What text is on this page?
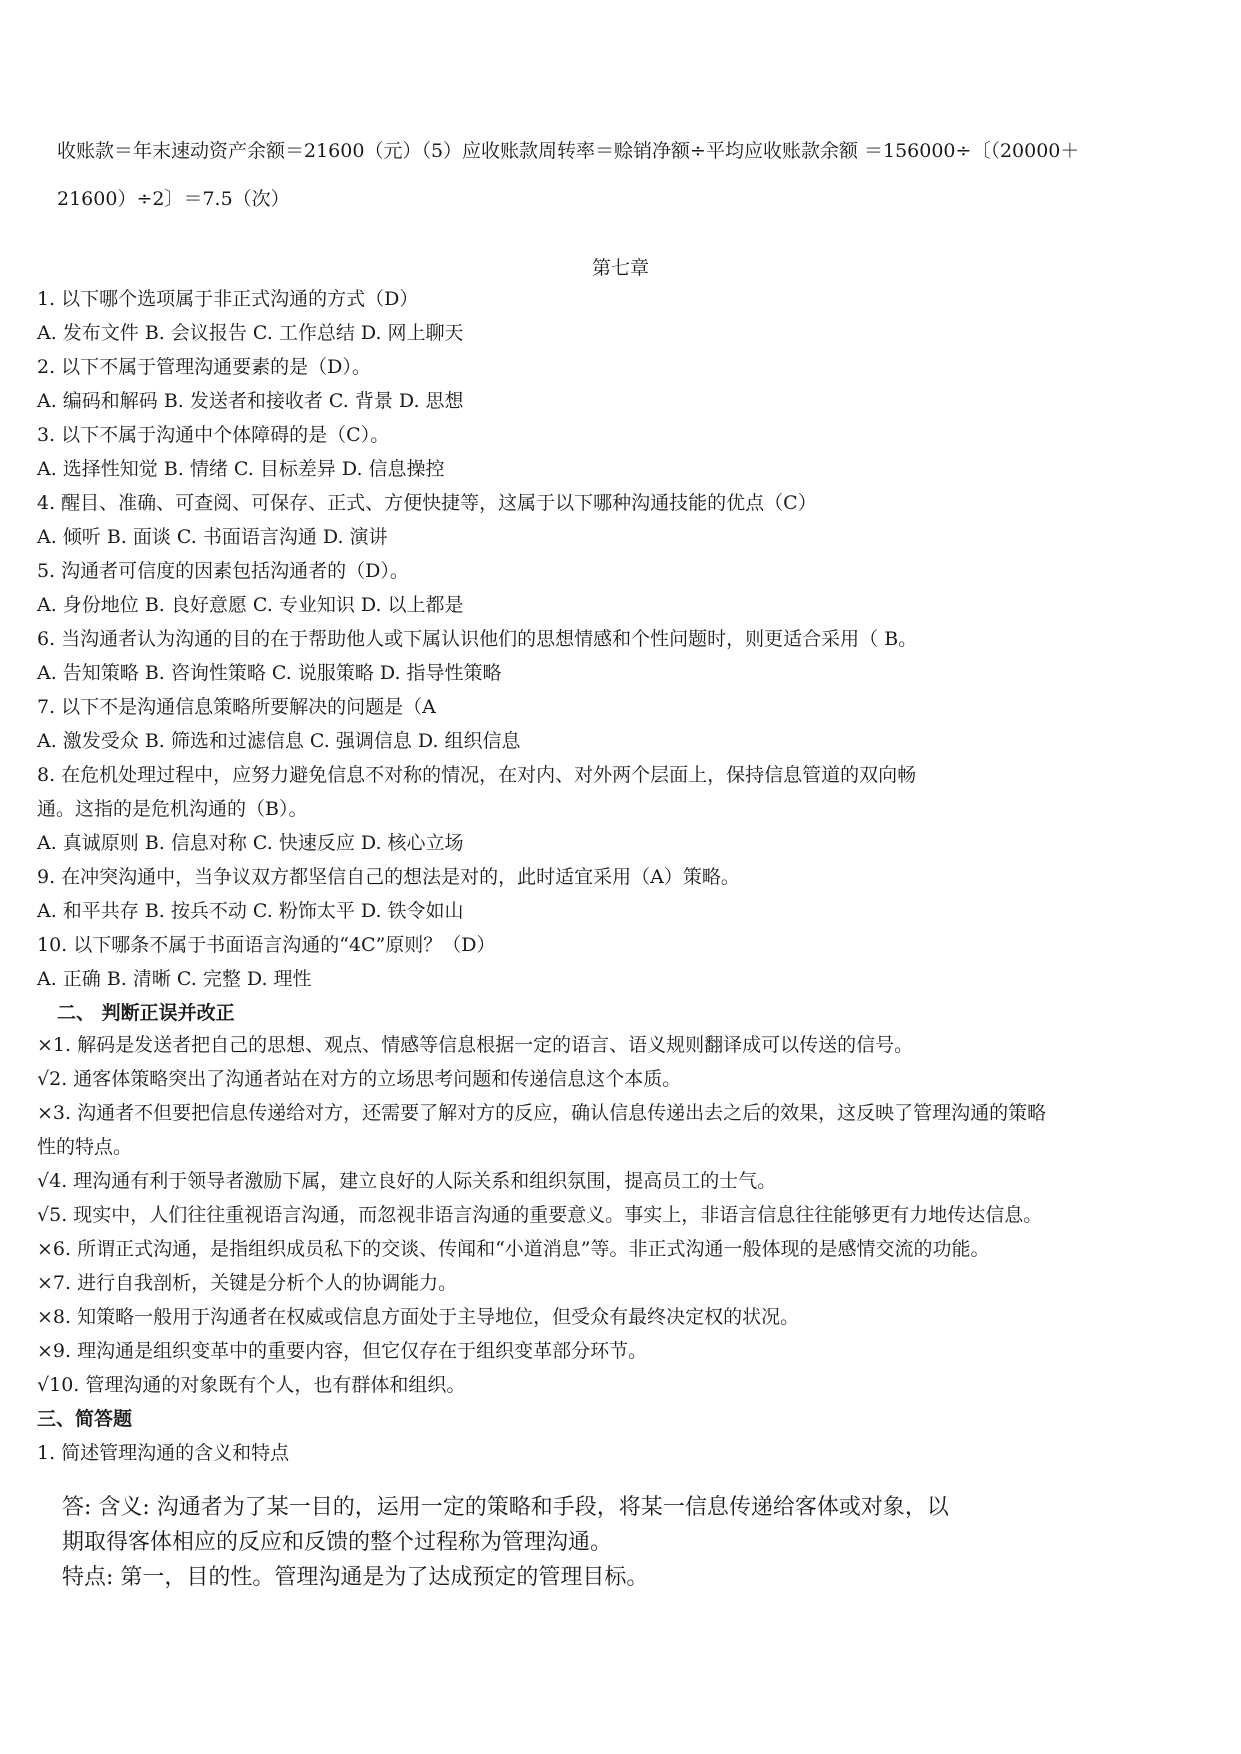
收账款＝年末速动资产余额＝21600（元）（5）应收账款周转率＝赊销净额÷平均应收账款余额 ＝156000÷〔（20000＋
21600）÷2〕＝7.5（次）
第七章
1. 以下哪个选项属于非正式沟通的方式（D）
A. 发布文件 B. 会议报告 C. 工作总结 D. 网上聊天
2. 以下不属于管理沟通要素的是（D）。
A. 编码和解码 B. 发送者和接收者 C. 背景 D. 思想
3. 以下不属于沟通中个体障碍的是（C）。
A. 选择性知觉 B. 情绪 C. 目标差异 D. 信息操控
4. 醒目、准确、可查阅、可保存、正式、方便快捷等，这属于以下哪种沟通技能的优点（C）
A. 倾听 B. 面谈 C. 书面语言沟通 D. 演讲
5. 沟通者可信度的因素包括沟通者的（D）。
A. 身份地位 B. 良好意愿 C. 专业知识 D. 以上都是
6. 当沟通者认为沟通的目的在于帮助他人或下属认识他们的思想情感和个性问题时，则更适合采用（ B。
A. 告知策略 B. 咨询性策略 C. 说服策略 D. 指导性策略
7. 以下不是沟通信息策略所要解决的问题是（A
A. 激发受众 B. 筛选和过滤信息 C. 强调信息 D. 组织信息
8. 在危机处理过程中，应努力避免信息不对称的情况，在对内、对外两个层面上，保持信息管道的双向畅
通。这指的是危机沟通的（B）。
A. 真诚原则 B. 信息对称 C. 快速反应 D. 核心立场
9. 在冲突沟通中，当争议双方都坚信自己的想法是对的，此时适宜采用（A）策略。
A. 和平共存 B. 按兵不动 C. 粉饰太平 D. 铁令如山
10. 以下哪条不属于书面语言沟通的“4C”原则？（D）
A. 正确 B. 清晰 C. 完整 D. 理性
二、 判断正误并改正
×1. 解码是发送者把自己的思想、观点、情感等信息根据一定的语言、语义规则翻译成可以传送的信号。
√2. 通客体策略突出了沟通者站在对方的立场思考问题和传递信息这个本质。
×3. 沟通者不但要把信息传递给对方，还需要了解对方的反应，确认信息传递出去之后的效果，这反映了管理沟通的策略
性的特点。
√4. 理沟通有利于领导者激励下属，建立良好的人际关系和组织氛围，提高员工的士气。
√5. 现实中，人们往往重视语言沟通，而忽视非语言沟通的重要意义。事实上，非语言信息往往能够更有力地传达信息。
×6. 所谓正式沟通，是指组织成员私下的交谈、传闻和“小道消息”等。非正式沟通一般体现的是感情交流的功能。
×7. 进行自我剖析，关键是分析个人的协调能力。
×8. 知策略一般用于沟通者在权威或信息方面处于主导地位，但受众有最终决定权的状况。
×9. 理沟通是组织变革中的重要内容，但它仅存在于组织变革部分环节。
√10. 管理沟通的对象既有个人，也有群体和组织。
三、简答题
1. 简述管理沟通的含义和特点
答: 含义: 沟通者为了某一目的，运用一定的策略和手段，将某一信息传递给客体或对象，以
期取得客体相应的反应和反馈的整个过程称为管理沟通。
特点: 第一，目的性。管理沟通是为了达成预定的管理目标。
